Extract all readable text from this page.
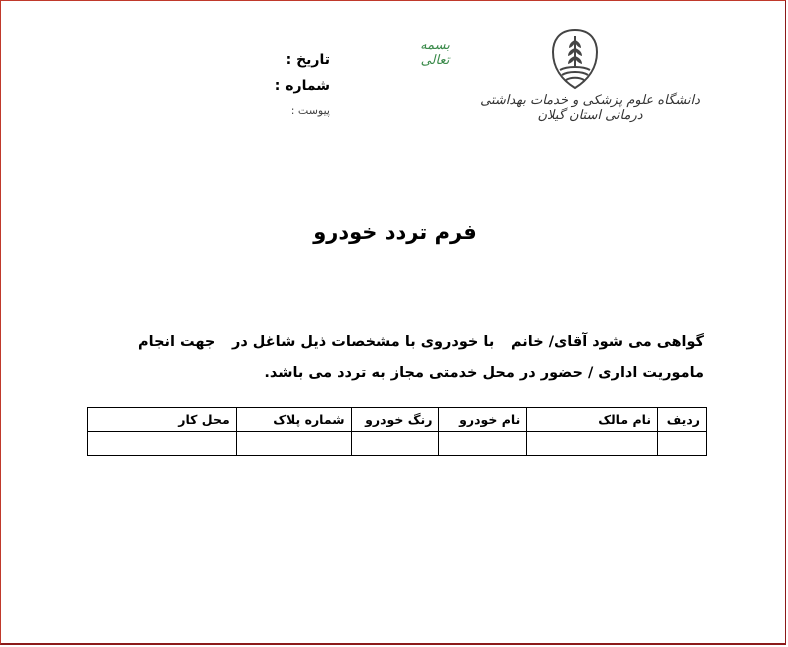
بسمه تعالی
تاریخ :
شماره :
پیوست :
دانشگاه علوم پزشکی و خدمات بهداشتی درمانی استان گیلان
فرم تردد خودرو
گواهی می شود آقای/ خانم
با خودروی با مشخصات ذیل شاغل در
جهت انجام
ماموریت اداری / حضور در محل خدمتی مجاز به تردد می باشد.
ردیف	نام مالک	نام خودرو	رنگ خودرو	شماره پلاک	محل کار
